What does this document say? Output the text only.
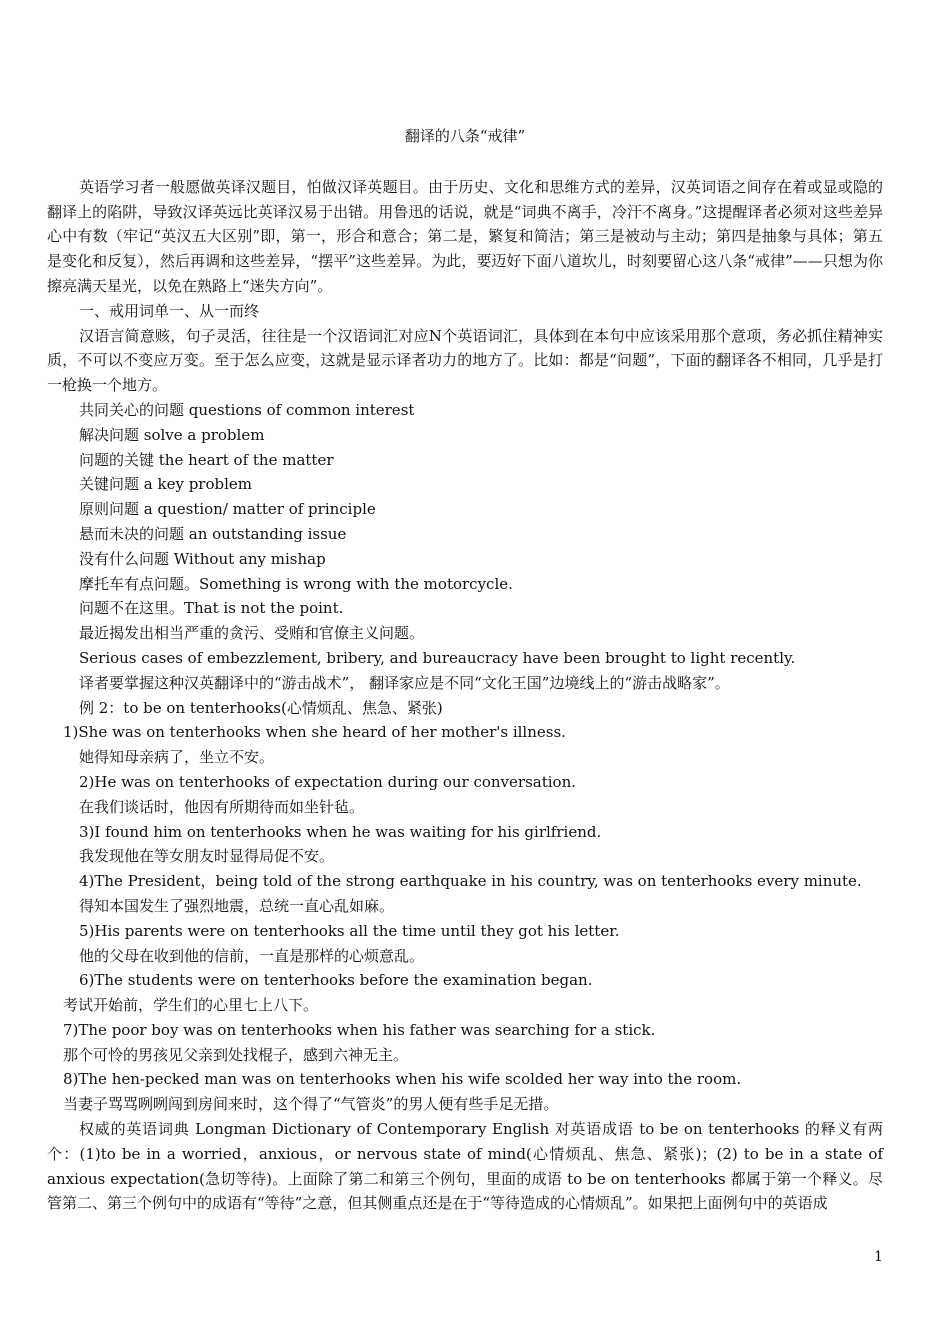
翻译的八条“戒律”

英语学习者一般愿做英译汉题目，怕做汉译英题目。由于历史、文化和思维方式的差异，汉英词语之间存在着或显或隐的翻译上的陷阱，导致汉译英远比英译汉易于出错。用鲁迅的话说，就是“词典不离手，冷汗不离身。”这提醒译者必须对这些差异心中有数（牢记“英汉五大区别”即，第一，形合和意合；第二是，繁复和简洁；第三是被动与主动；第四是抽象与具体；第五是变化和反复），然后再调和这些差异，“摆平”这些差异。为此，要迈好下面八道坎儿，时刻要留心这八条“戒律”——只想为你擦亮满天星光，以免在熟路上“迷失方向”。

一、戒用词单一、从一而终

汉语言简意赅，句子灵活，往往是一个汉语词汇对应N个英语词汇，具体到在本句中应该采用那个意项，务必抓住精神实质，不可以不变应万变。至于怎么应变，这就是显示译者功力的地方了。比如：都是“问题”，下面的翻译各不相同，几乎是打一枪换一个地方。

共同关心的问题 questions of common interest
解决问题 solve a problem
问题的关键 the heart of the matter
关键问题 a key problem
原则问题 a question/ matter of principle
悬而未决的问题 an outstanding issue
没有什么问题 Without any mishap
摩托车有点问题。Something is wrong with the motorcycle.
问题不在这里。That is not the point.
最近揭发出相当严重的贪污、受贿和官僚主义问题。
Serious cases of embezzlement, bribery, and bureaucracy have been brought to light recently.
译者要掌握这种汉英翻译中的“游击战术”， 翻译家应是不同“文化王国”边境线上的“游击战略家”。
例 2：to be on tenterhooks(心情烦乱、焦急、紧张)
1)She was on tenterhooks when she heard of her mother's illness.
她得知母亲病了，坐立不安。
2)He was on tenterhooks of expectation during our conversation.
在我们谈话时，他因有所期待而如坐针毡。
3)I found him on tenterhooks when he was waiting for his girlfriend.
我发现他在等女朋友时显得局促不安。
4)The President，being told of the strong earthquake in his country, was on tenterhooks every minute.
得知本国发生了强烈地震，总统一直心乱如麻。
5)His parents were on tenterhooks all the time until they got his letter.
他的父母在收到他的信前，一直是那样的心烦意乱。
6)The students were on tenterhooks before the examination began.
考试开始前，学生们的心里七上八下。
7)The poor boy was on tenterhooks when his father was searching for a stick.
那个可怜的男孩见父亲到处找棍子，感到六神无主。
8)The hen-pecked man was on tenterhooks when his wife scolded her way into the room.
当妻子骂骂咧咧闯到房间来时，这个得了“气管炎”的男人便有些手足无措。

权威的英语词典 Longman Dictionary of Contemporary English 对英语成语 to be on tenterhooks 的释义有两个：(1)to be in a worried，anxious，or nervous state of mind(心情烦乱、焦急、紧张)；(2) to be in a state of anxious expectation(急切等待)。上面除了第二和第三个例句，里面的成语 to be on tenterhooks 都属于第一个释义。尽管第二、第三个例句中的成语有“等待”之意，但其侧重点还是在于“等待造成的心情烦乱”。如果把上面例句中的英语成

1
